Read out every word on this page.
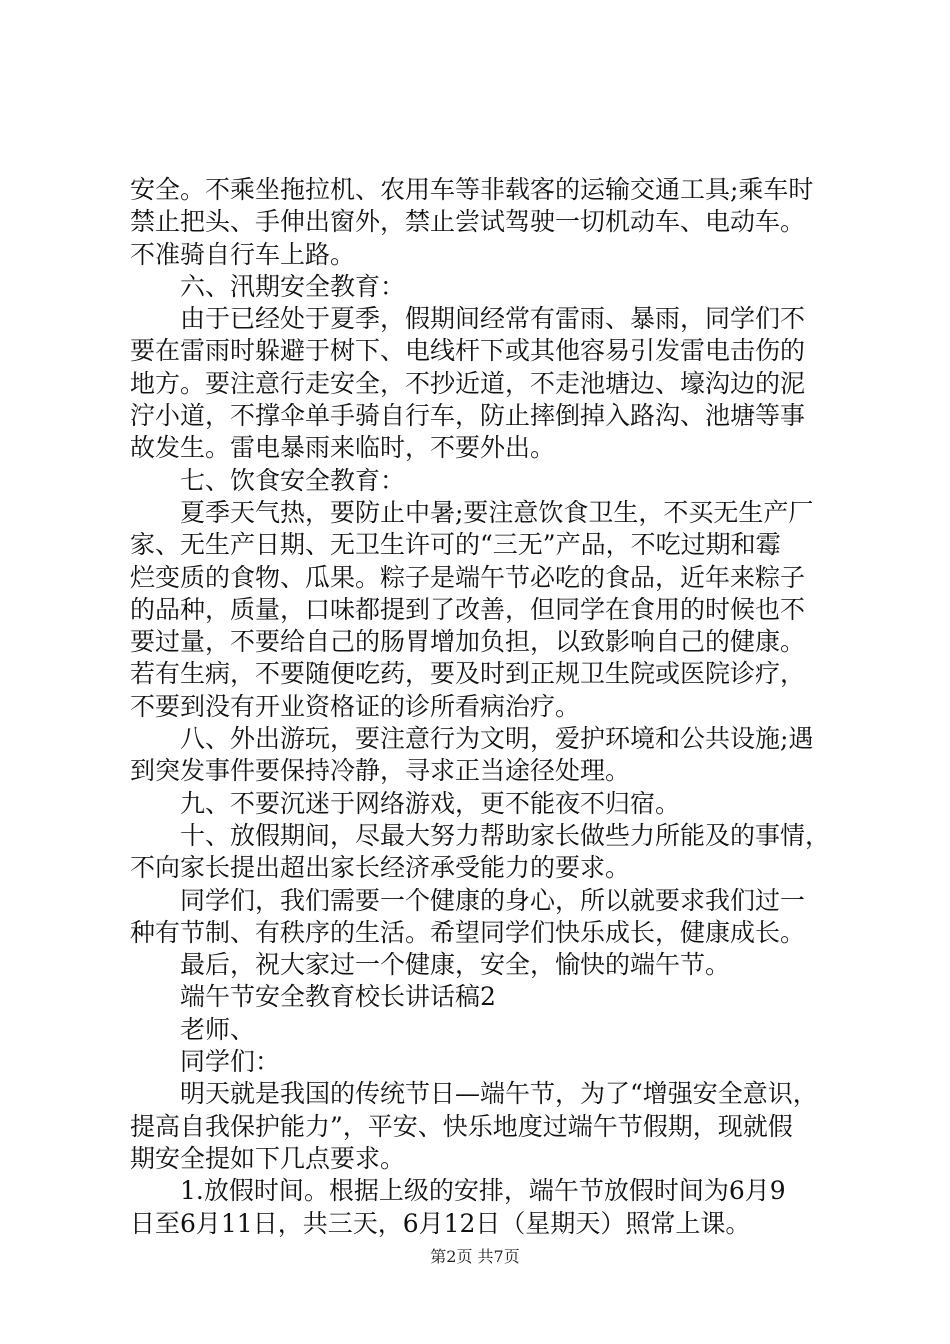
安全。不乘坐拖拉机、农用车等非载客的运输交通工具;乘车时
禁止把头、手伸出窗外，禁止尝试驾驶一切机动车、电动车。
不准骑自行车上路。
六、汛期安全教育：
由于已经处于夏季，假期间经常有雷雨、暴雨，同学们不
要在雷雨时躲避于树下、电线杆下或其他容易引发雷电击伤的
地方。要注意行走安全，不抄近道，不走池塘边、壕沟边的泥
泞小道，不撑伞单手骑自行车，防止摔倒掉入路沟、池塘等事
故发生。雷电暴雨来临时，不要外出。
七、饮食安全教育：
夏季天气热，要防止中暑;要注意饮食卫生，不买无生产厂
家、无生产日期、无卫生许可的“三无”产品，不吃过期和霉
烂变质的食物、瓜果。粽子是端午节必吃的食品，近年来粽子
的品种，质量，口味都提到了改善，但同学在食用的时候也不
要过量，不要给自己的肠胃增加负担，以致影响自己的健康。
若有生病，不要随便吃药，要及时到正规卫生院或医院诊疗，
不要到没有开业资格证的诊所看病治疗。
八、外出游玩，要注意行为文明，爱护环境和公共设施;遇
到突发事件要保持冷静，寻求正当途径处理。
九、不要沉迷于网络游戏，更不能夜不归宿。
十、放假期间，尽最大努力帮助家长做些力所能及的事情，
不向家长提出超出家长经济承受能力的要求。
同学们，我们需要一个健康的身心，所以就要求我们过一
种有节制、有秩序的生活。希望同学们快乐成长，健康成长。
最后，祝大家过一个健康，安全，愉快的端午节。
端午节安全教育校长讲话稿2
老师、
同学们：
明天就是我国的传统节日—端午节，为了“增强安全意识，
提高自我保护能力”，平安、快乐地度过端午节假期，现就假
期安全提如下几点要求。
1.放假时间。根据上级的安排，端午节放假时间为6月9
日至6月11日，共三天，6月12日（星期天）照常上课。
第2页 共7页
